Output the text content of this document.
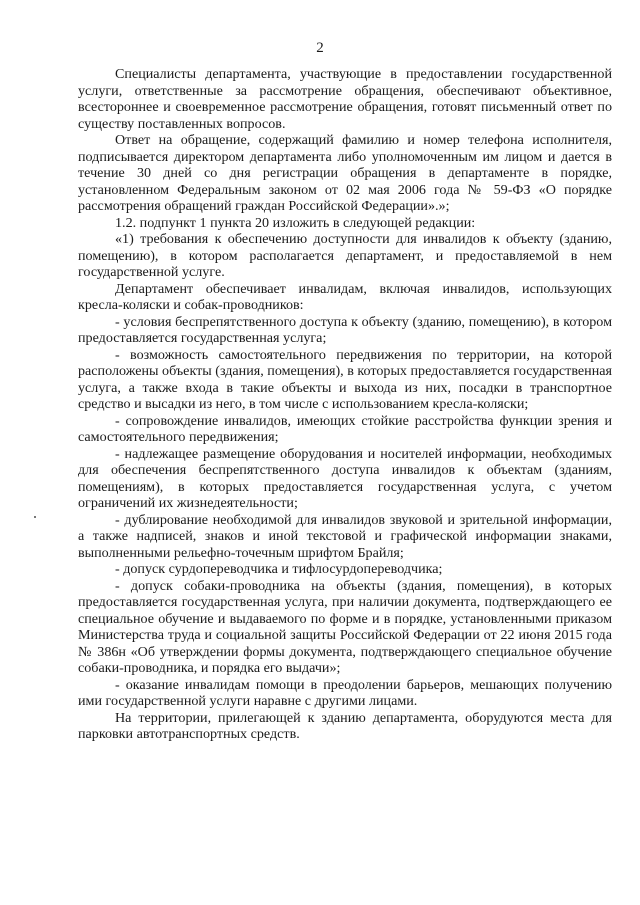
2

Специалисты департамента, участвующие в предоставлении государственной услуги, ответственные за рассмотрение обращения, обеспечивают объективное, всестороннее и своевременное рассмотрение обращения, готовят письменный ответ по существу поставленных вопросов.

Ответ на обращение, содержащий фамилию и номер телефона исполнителя, подписывается директором департамента либо уполномоченным им лицом и дается в течение 30 дней со дня регистрации обращения в департаменте в порядке, установленном Федеральным законом от 02 мая 2006 года № 59-ФЗ «О порядке рассмотрения обращений граждан Российской Федерации».»;

1.2. подпункт 1 пункта 20 изложить в следующей редакции:

«1) требования к обеспечению доступности для инвалидов к объекту (зданию, помещению), в котором располагается департамент, и предоставляемой в нем государственной услуге.

Департамент обеспечивает инвалидам, включая инвалидов, использующих кресла-коляски и собак-проводников:

- условия беспрепятственного доступа к объекту (зданию, помещению), в котором предоставляется государственная услуга;

- возможность самостоятельного передвижения по территории, на которой расположены объекты (здания, помещения), в которых предоставляется государственная услуга, а также входа в такие объекты и выхода из них, посадки в транспортное средство и высадки из него, в том числе с использованием кресла-коляски;

- сопровождение инвалидов, имеющих стойкие расстройства функции зрения и самостоятельного передвижения;

- надлежащее размещение оборудования и носителей информации, необходимых для обеспечения беспрепятственного доступа инвалидов к объектам (зданиям, помещениям), в которых предоставляется государственная услуга, с учетом ограничений их жизнедеятельности;

- дублирование необходимой для инвалидов звуковой и зрительной информации, а также надписей, знаков и иной текстовой и графической информации знаками, выполненными рельефно-точечным шрифтом Брайля;

- допуск сурдопереводчика и тифлосурдопереводчика;

- допуск собаки-проводника на объекты (здания, помещения), в которых предоставляется государственная услуга, при наличии документа, подтверждающего ее специальное обучение и выдаваемого по форме и в порядке, установленными приказом Министерства труда и социальной защиты Российской Федерации от 22 июня 2015 года № 386н «Об утверждении формы документа, подтверждающего специальное обучение собаки-проводника, и порядка его выдачи»;

- оказание инвалидам помощи в преодолении барьеров, мешающих получению ими государственной услуги наравне с другими лицами.

На территории, прилегающей к зданию департамента, оборудуются места для парковки автотранспортных средств.
